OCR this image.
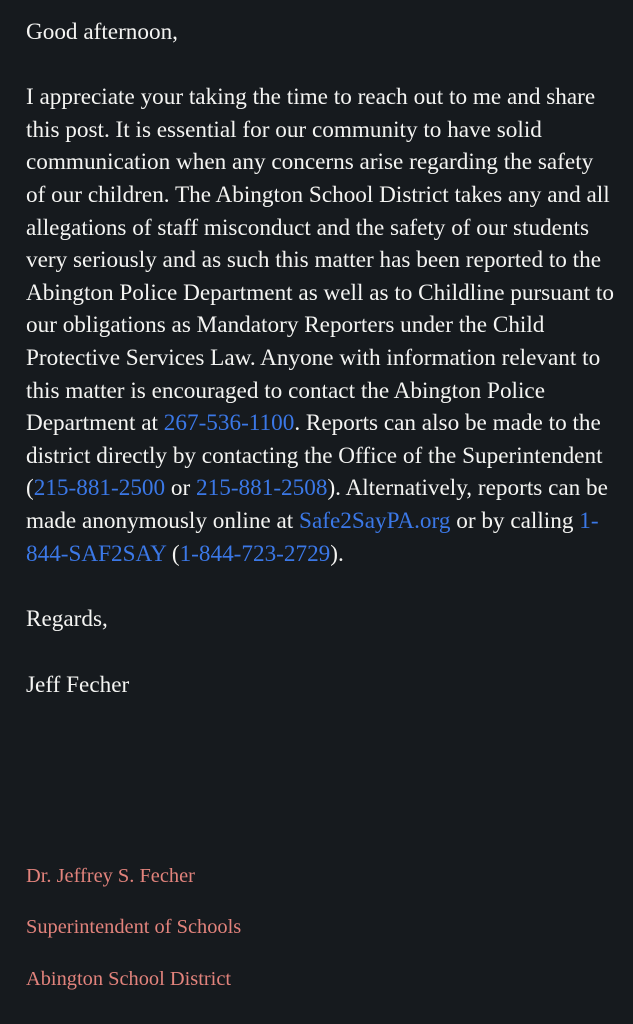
Good afternoon,

I appreciate your taking the time to reach out to me and share this post. It is essential for our community to have solid communication when any concerns arise regarding the safety of our children. The Abington School District takes any and all allegations of staff misconduct and the safety of our students very seriously and as such this matter has been reported to the Abington Police Department as well as to Childline pursuant to our obligations as Mandatory Reporters under the Child Protective Services Law. Anyone with information relevant to this matter is encouraged to contact the Abington Police Department at 267-536-1100. Reports can also be made to the district directly by contacting the Office of the Superintendent (215-881-2500 or 215-881-2508). Alternatively, reports can be made anonymously online at Safe2SayPA.org or by calling 1-844-SAF2SAY (1-844-723-2729).

Regards,

Jeff Fecher

Dr. Jeffrey S. Fecher

Superintendent of Schools

Abington School District
